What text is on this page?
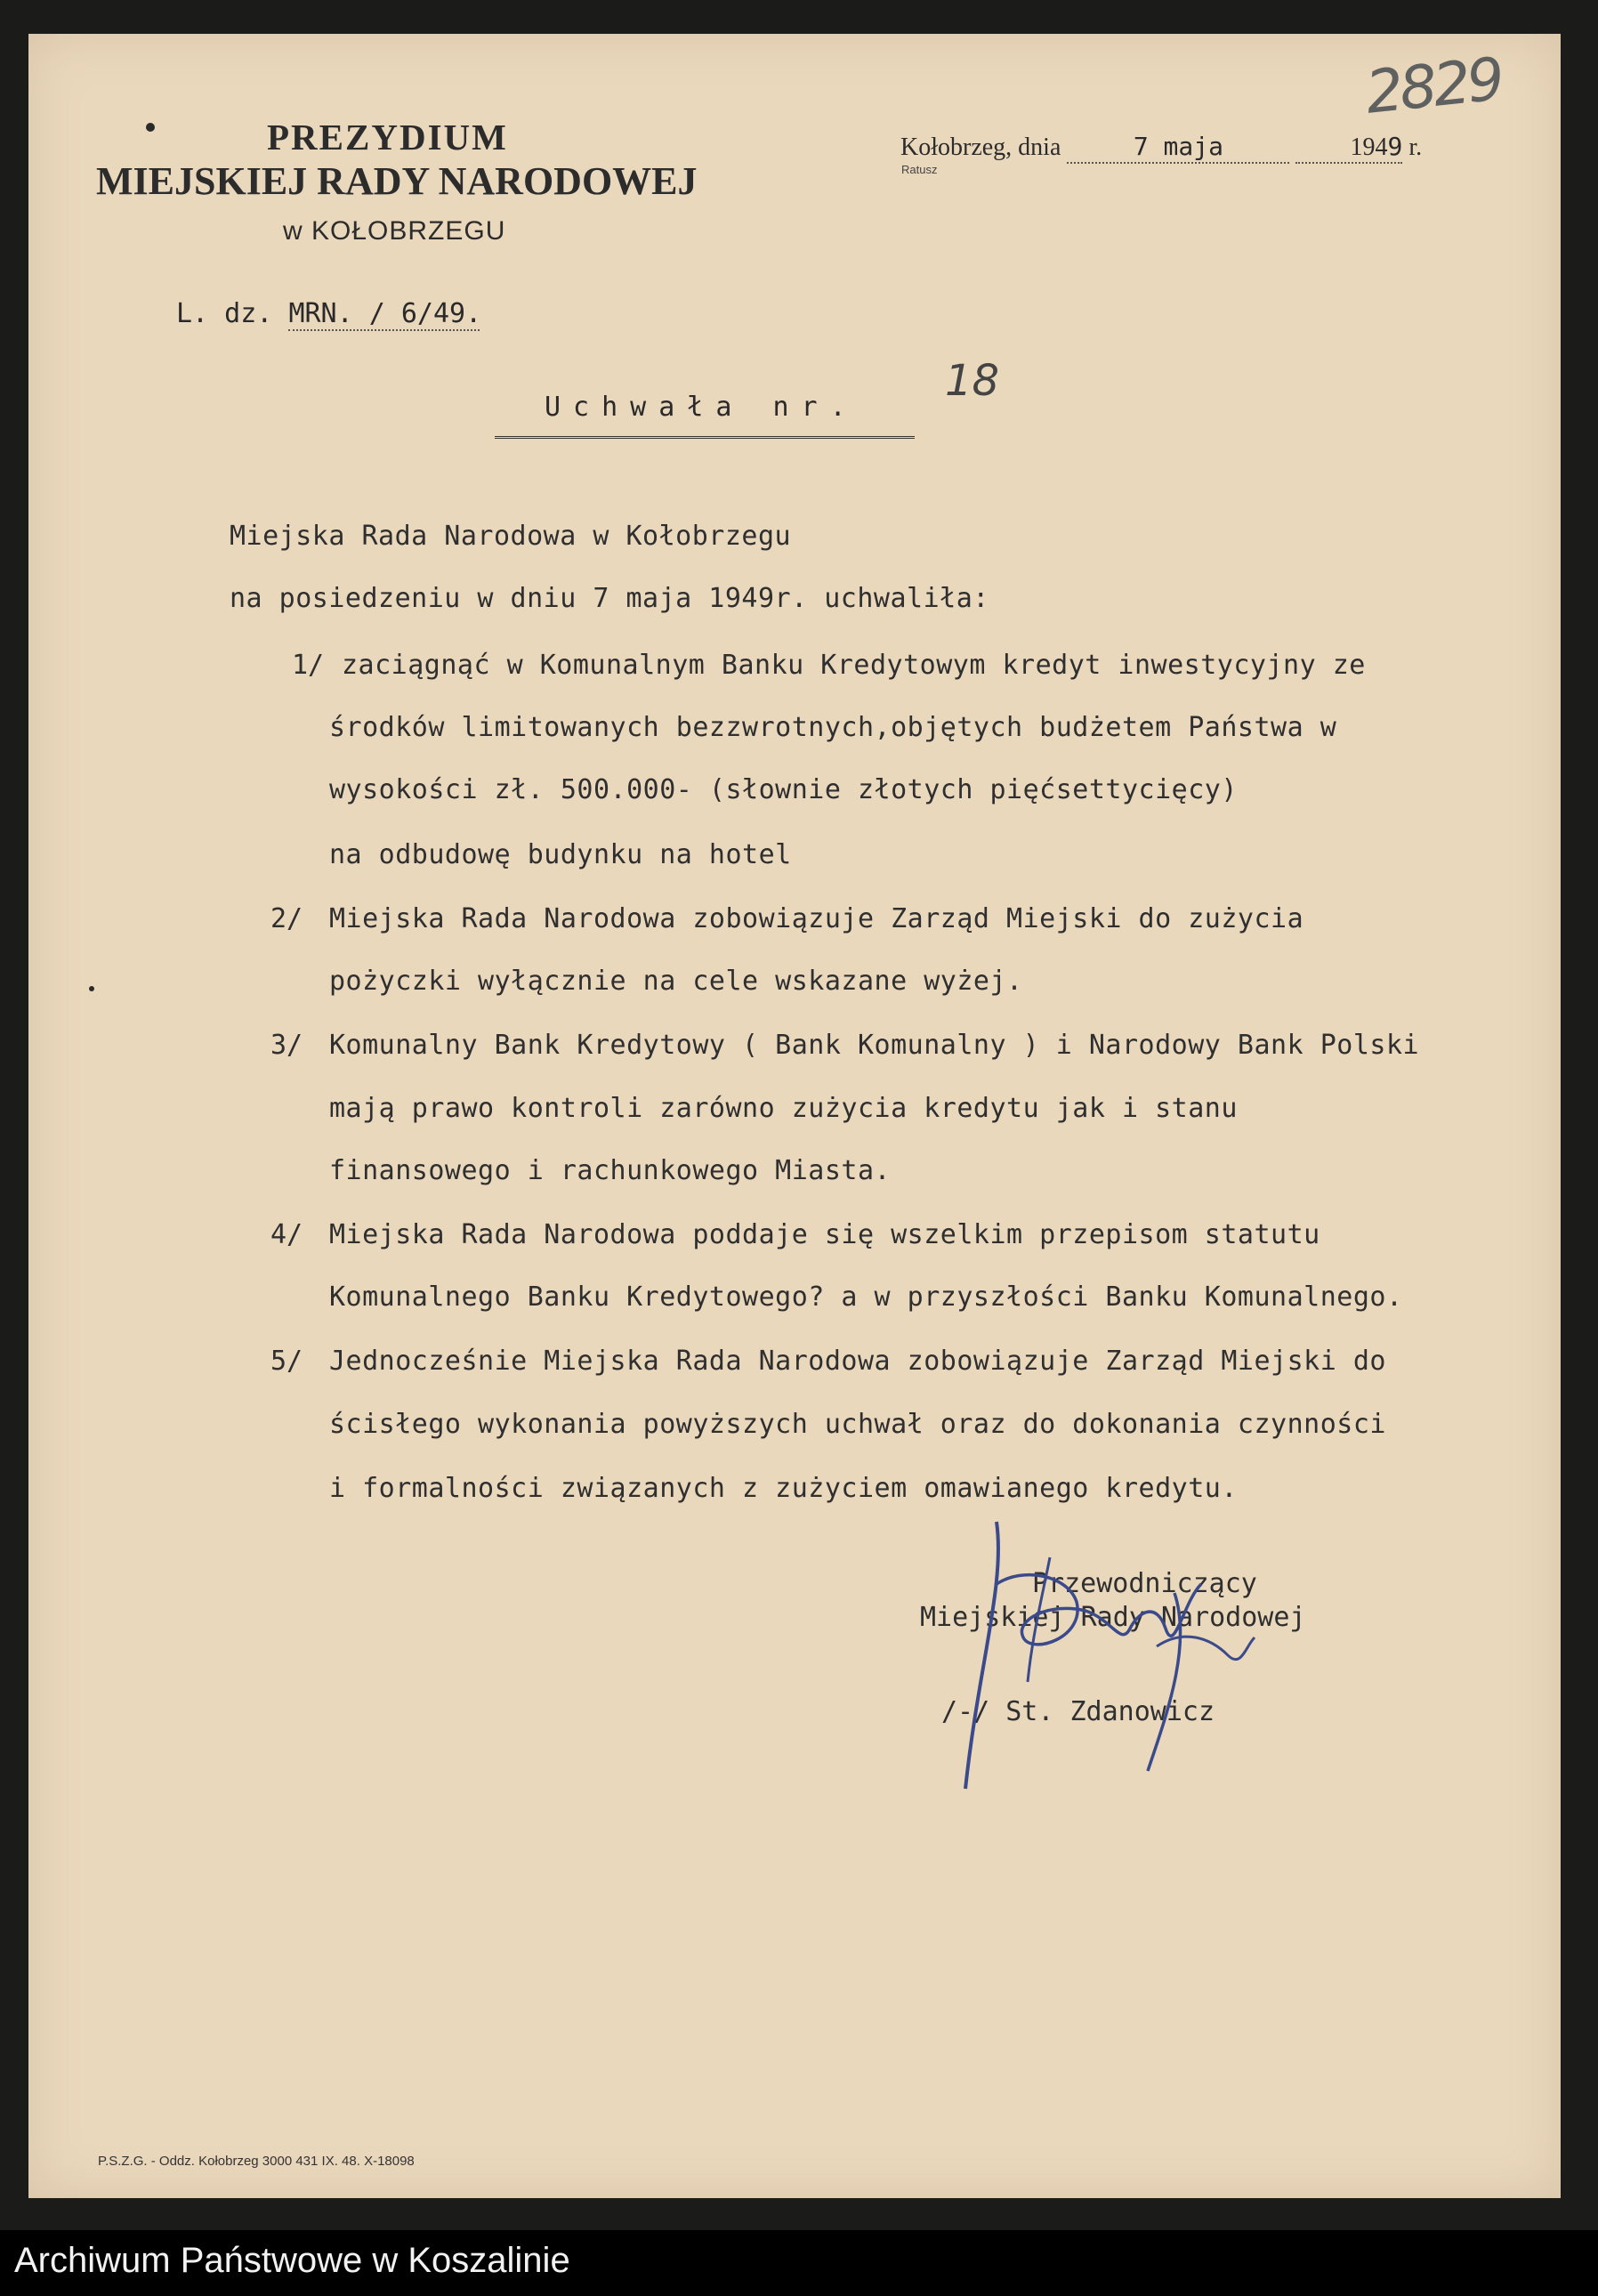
PREZYDIUM
MIEJSKIEJ RADY NARODOWEJ
w KOŁOBRZEGU
Kołobrzeg, dnia	7 maja	1949 r.
Ratusz
2829
L. dz. MRN. / 6/49.
Uchwała nr.
18
Miejska Rada Narodowa w Kołobrzegu
na posiedzeniu w dniu 7 maja 1949r. uchwaliła:
1/ zaciągnąć w Komunalnym Banku Kredytowym kredyt inwestycyjny ze
środków limitowanych bezzwrotnych,objętych budżetem Państwa w
wysokości zł. 500.000- (słownie złotych pięćsettycięcy)
na odbudowę budynku na hotel
2/ Miejska Rada Narodowa zobowiązuje Zarząd Miejski do zużycia
pożyczki wyłącznie na cele wskazane wyżej.
3/ Komunalny Bank Kredytowy ( Bank Komunalny ) i Narodowy Bank Polski
mają prawo kontroli zarówno zużycia kredytu jak i stanu
finansowego i rachunkowego Miasta.
4/ Miejska Rada Narodowa poddaje się wszelkim przepisom statutu
Komunalnego Banku Kredytowego? a w przyszłości Banku Komunalnego.
5/ Jednocześnie Miejska Rada Narodowa zobowiązuje Zarząd Miejski do
ścisłego wykonania powyższych uchwał oraz do dokonania czynności
i formalności związanych z zużyciem omawianego kredytu.
Przewodniczący
Miejskiej Rady Narodowej
/-/ St. Zdanowicz
P.S.Z.G. - Oddz. Kołobrzeg 3000 431 IX. 48. X-18098
Archiwum Państwowe w Koszalinie
